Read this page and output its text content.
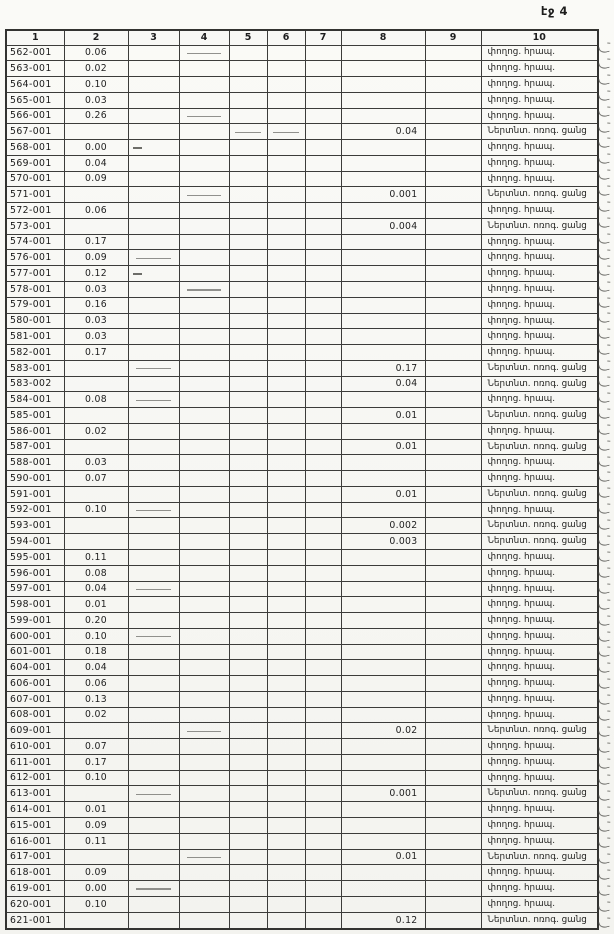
էջ 4
1	2	3	4	5	6	7	8	9	10
562-001	0.06								փողոց. հրապ.
563-001	0.02								փողոց. հրապ.
564-001	0.10								փողոց. հրապ.
565-001	0.03								փողոց. հրապ.
566-001	0.26								փողոց. հրապ.
567-001							0.04		Ներտնտ. ոռոգ. ցանց
568-001	0.00								փողոց. հրապ.
569-001	0.04								փողոց. հրապ.
570-001	0.09								փողոց. հրապ.
571-001							0.001		Ներտնտ. ոռոգ. ցանց
572-001	0.06								փողոց. հրապ.
573-001							0.004		Ներտնտ. ոռոգ. ցանց
574-001	0.17								փողոց. հրապ.
576-001	0.09								փողոց. հրապ.
577-001	0.12								փողոց. հրապ.
578-001	0.03								փողոց. հրապ.
579-001	0.16								փողոց. հրապ.
580-001	0.03								փողոց. հրապ.
581-001	0.03								փողոց. հրապ.
582-001	0.17								փողոց. հրապ.
583-001							0.17		Ներտնտ. ոռոգ. ցանց
583-002							0.04		Ներտնտ. ոռոգ. ցանց
584-001	0.08								փողոց. հրապ.
585-001							0.01		Ներտնտ. ոռոգ. ցանց
586-001	0.02								փողոց. հրապ.
587-001							0.01		Ներտնտ. ոռոգ. ցանց
588-001	0.03								փողոց. հրապ.
590-001	0.07								փողոց. հրապ.
591-001							0.01		Ներտնտ. ոռոգ. ցանց
592-001	0.10								փողոց. հրապ.
593-001							0.002		Ներտնտ. ոռոգ. ցանց
594-001							0.003		Ներտնտ. ոռոգ. ցանց
595-001	0.11								փողոց. հրապ.
596-001	0.08								փողոց. հրապ.
597-001	0.04								փողոց. հրապ.
598-001	0.01								փողոց. հրապ.
599-001	0.20								փողոց. հրապ.
600-001	0.10								փողոց. հրապ.
601-001	0.18								փողոց. հրապ.
604-001	0.04								փողոց. հրապ.
606-001	0.06								փողոց. հրապ.
607-001	0.13								փողոց. հրապ.
608-001	0.02								փողոց. հրապ.
609-001							0.02		Ներտնտ. ոռոգ. ցանց
610-001	0.07								փողոց. հրապ.
611-001	0.17								փողոց. հրապ.
612-001	0.10								փողոց. հրապ.
613-001							0.001		Ներտնտ. ոռոգ. ցանց
614-001	0.01								փողոց. հրապ.
615-001	0.09								փողոց. հրապ.
616-001	0.11								փողոց. հրապ.
617-001							0.01		Ներտնտ. ոռոգ. ցանց
618-001	0.09								փողոց. հրապ.
619-001	0.00								փողոց. հրապ.
620-001	0.10								փողոց. հրապ.
621-001							0.12		Ներտնտ. ոռոգ. ցանց
